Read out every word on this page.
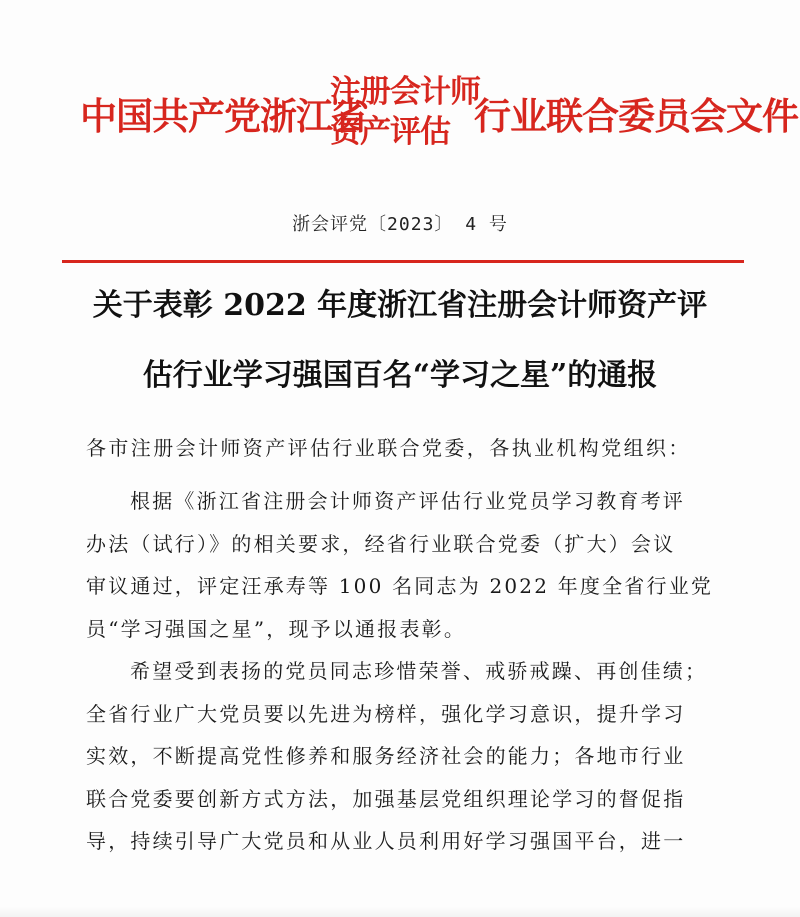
中国共产党浙江省
注册会计师
资产评估 行业联合委员会文件
浙会评党〔2023〕 4 号
关于表彰 2022 年度浙江省注册会计师资产评
估行业学习强国百名“学习之星”的通报
各市注册会计师资产评估行业联合党委，各执业机构党组织：
根据《浙江省注册会计师资产评估行业党员学习教育考评
办法（试行）》的相关要求，经省行业联合党委（扩大）会议
审议通过，评定汪承寿等 100 名同志为 2022 年度全省行业党
员“学习强国之星”，现予以通报表彰。
希望受到表扬的党员同志珍惜荣誉、戒骄戒躁、再创佳绩；
全省行业广大党员要以先进为榜样，强化学习意识，提升学习
实效，不断提高党性修养和服务经济社会的能力；各地市行业
联合党委要创新方式方法，加强基层党组织理论学习的督促指
导，持续引导广大党员和从业人员利用好学习强国平台，进一
